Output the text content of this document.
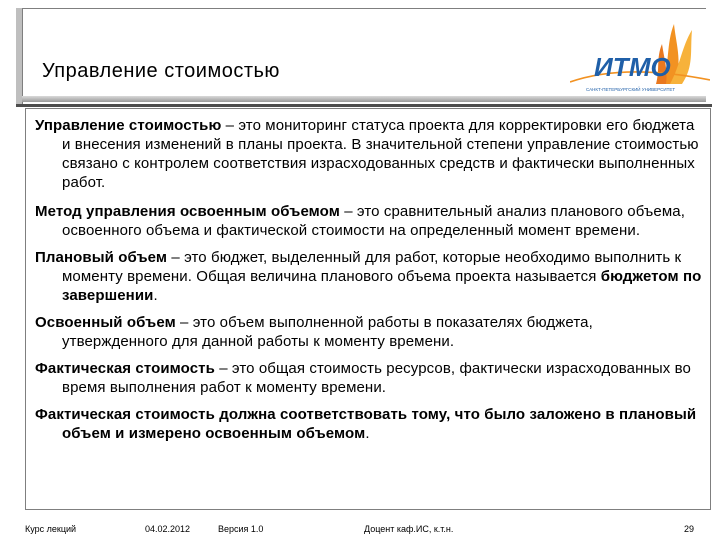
Управление стоимостью	ИТМО
САНКТ-ПЕТЕРБУРГСКИЙ УНИВЕРСИТЕТ

Управление стоимостью – это мониторинг статуса проекта для корректировки его бюджета и внесения изменений в планы проекта. В значительной степени управление стоимостью связано с контролем соответствия израсходованных средств и фактически выполненных работ.

Метод управления освоенным объемом – это сравнительный анализ планового объема, освоенного объема и фактической стоимости на определенный момент времени.

Плановый объем – это бюджет, выделенный для работ, которые необходимо выполнить к моменту времени. Общая величина планового объема проекта называется бюджетом по завершении.

Освоенный объем – это объем выполненной работы в показателях бюджета, утвержденного для данной работы к моменту времени.

Фактическая стоимость – это общая стоимость ресурсов, фактически израсходованных во время выполнения работ к моменту времени.

Фактическая стоимость должна соответствовать тому, что было заложено в плановый объем и измерено освоенным объемом.

Курс лекций	04.02.2012	Версия 1.0	Доцент каф.ИС, к.т.н.	29
